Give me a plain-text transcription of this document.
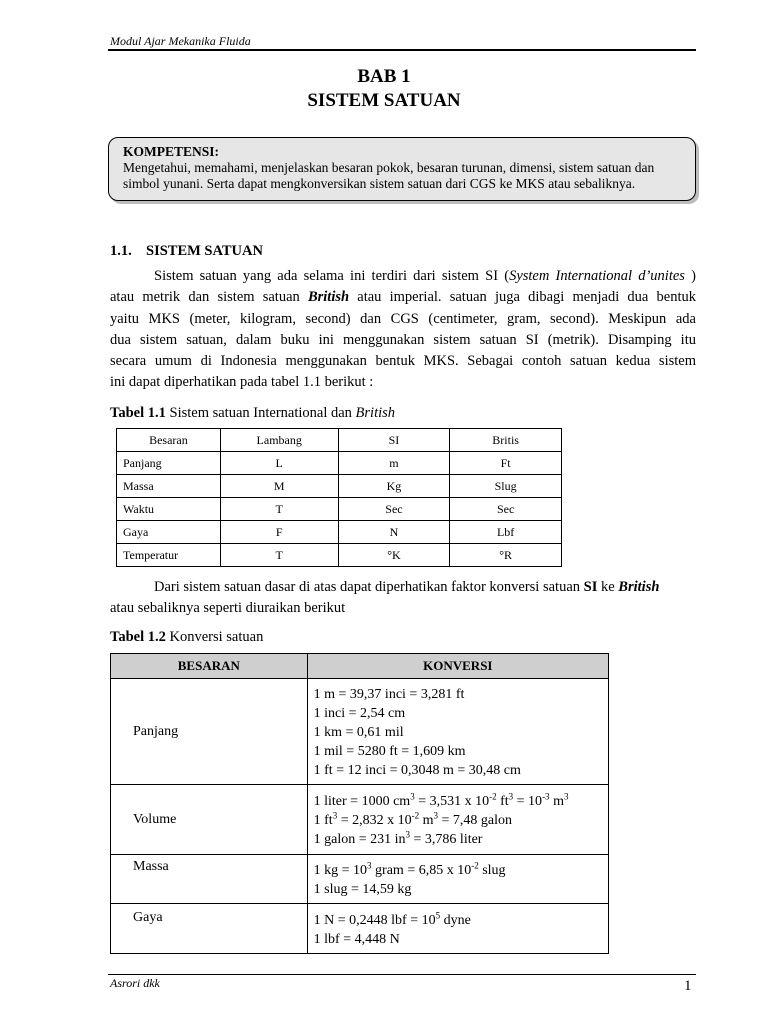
Modul Ajar Mekanika Fluida
BAB 1
SISTEM SATUAN
KOMPETENSI:
Mengetahui, memahami, menjelaskan besaran pokok, besaran turunan, dimensi, sistem satuan dan
simbol yunani. Serta dapat mengkonversikan sistem satuan dari CGS ke MKS atau sebaliknya.
1.1. SISTEM SATUAN
Sistem satuan yang ada selama ini terdiri dari sistem SI (System International d’unites )
atau metrik dan sistem satuan British atau imperial. satuan juga dibagi menjadi dua bentuk
yaitu MKS (meter, kilogram, second) dan CGS (centimeter, gram, second). Meskipun ada
dua sistem satuan, dalam buku ini menggunakan sistem satuan SI (metrik). Disamping itu
secara umum di Indonesia menggunakan bentuk MKS. Sebagai contoh satuan kedua sistem
ini dapat diperhatikan pada tabel 1.1 berikut :
Tabel 1.1 Sistem satuan International dan British
Besaran	Lambang	SI	Britis
Panjang	L	m	Ft
Massa	M	Kg	Slug
Waktu	T	Sec	Sec
Gaya	F	N	Lbf
Temperatur	T	°K	°R
Dari sistem satuan dasar di atas dapat diperhatikan faktor konversi satuan SI ke British
atau sebaliknya seperti diuraikan berikut
Tabel 1.2 Konversi satuan
BESARAN	KONVERSI
Panjang	1 m = 39,37 inci = 3,281 ft
1 inci = 2,54 cm
1 km = 0,61 mil
1 mil = 5280 ft = 1,609 km
1 ft = 12 inci = 0,3048 m = 30,48 cm

Volume	1 liter = 1000 $cm^3 = 3,531$ x $10^{-2}$ $ft^3 = 10^{-3}$ $m^3$
1 $ft^3 = 2,832$ x $10^{-2}$ $m^3 = 7,48$ galon
1 galon = 231 $in^3 = 3,786$ liter

Massa	1 kg = $10^3$ gram = 6,85 x $10^{-2}$ slug
1 slug = 14,59 kg

Gaya	1 N = 0,2448 lbf = $10^5$ dyne
1 lbf = 4,448 N
Asrori dkk	1
